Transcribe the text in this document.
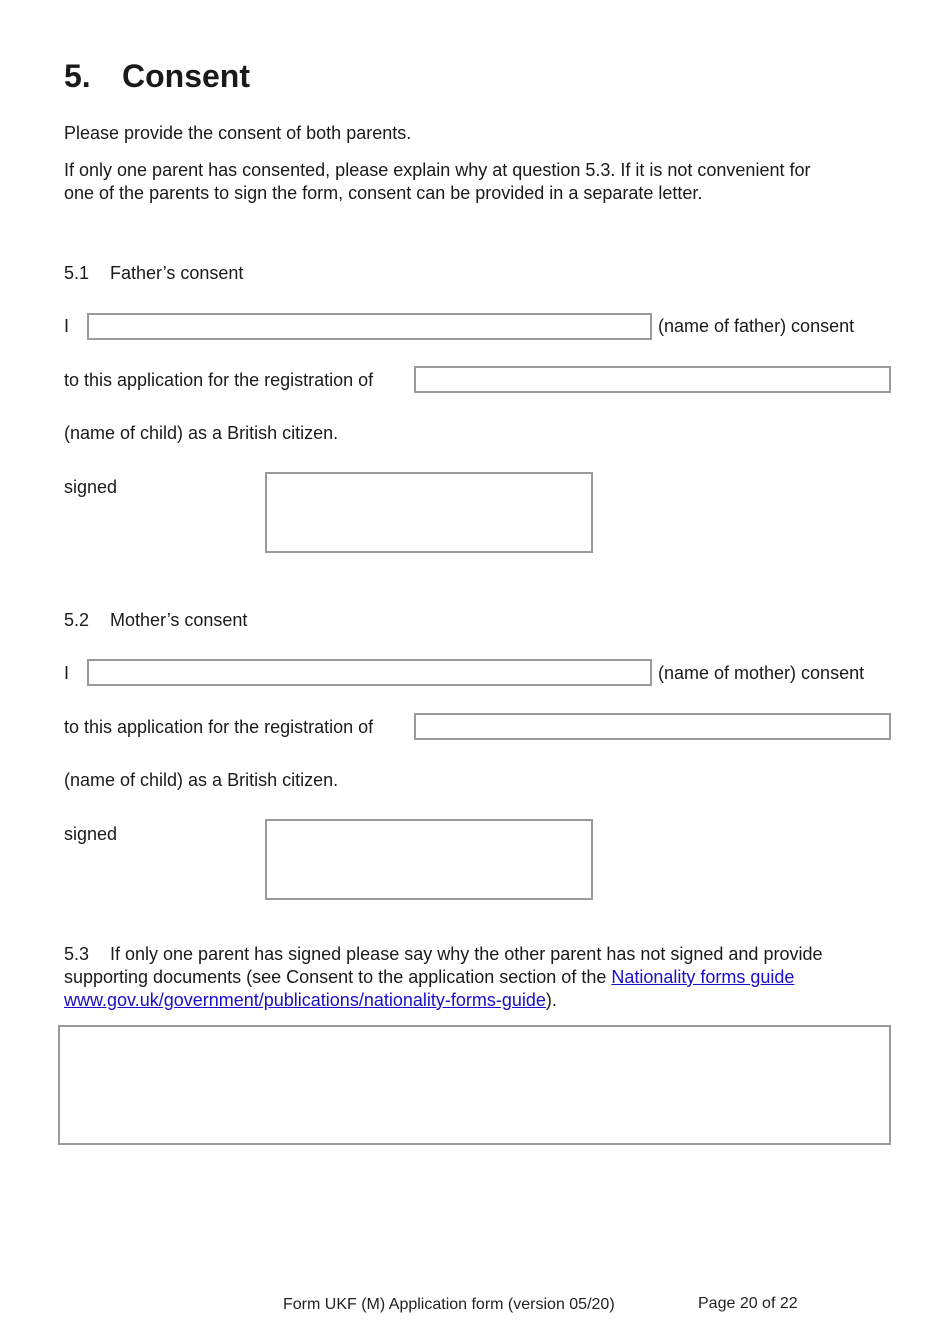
5. Consent
Please provide the consent of both parents.
If only one parent has consented, please explain why at question 5.3. If it is not convenient for
one of the parents to sign the form, consent can be provided in a separate letter.
5.1 Father’s consent
I	(name of father) consent
to this application for the registration of
(name of child) as a British citizen.
signed
5.2 Mother’s consent
I	(name of mother) consent
to this application for the registration of
(name of child) as a British citizen.
signed
5.3 If only one parent has signed please say why the other parent has not signed and provide
supporting documents (see Consent to the application section of the Nationality forms guide
www.gov.uk/government/publications/nationality-forms-guide).
Form UKF (M) Application form (version 05/20)	Page 20 of 22
